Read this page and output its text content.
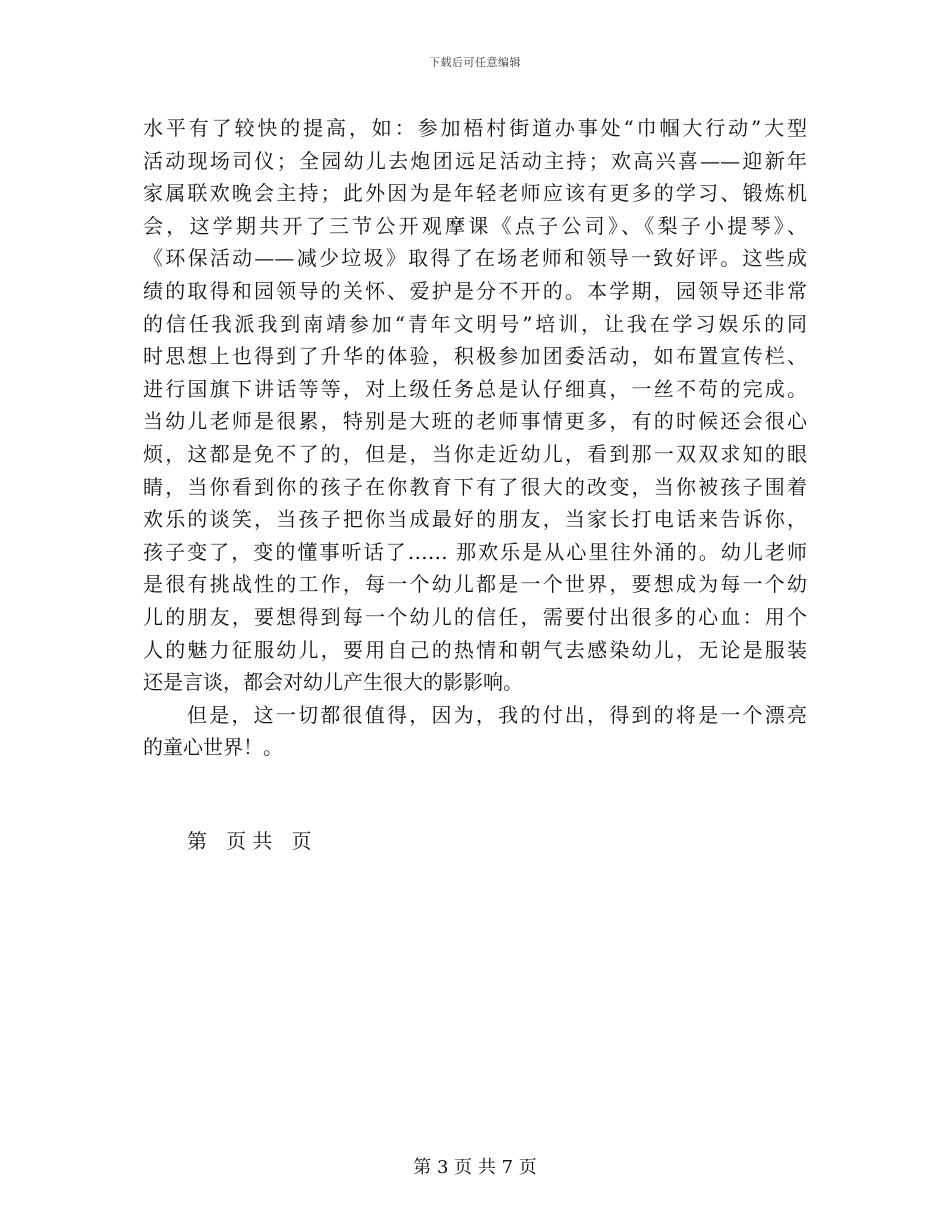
下载后可任意编辑
水平有了较快的提高，如：参加梧村街道办事处“巾帼大行动”大型
活动现场司仪；全园幼儿去炮团远足活动主持；欢高兴喜——迎新年
家属联欢晚会主持；此外因为是年轻老师应该有更多的学习、锻炼机
会，这学期共开了三节公开观摩课《点子公司》、《梨子小提琴》、
《环保活动——减少垃圾》取得了在场老师和领导一致好评。这些成
绩的取得和园领导的关怀、爱护是分不开的。本学期，园领导还非常
的信任我派我到南靖参加“青年文明号”培训，让我在学习娱乐的同
时思想上也得到了升华的体验，积极参加团委活动，如布置宣传栏、
进行国旗下讲话等等，对上级任务总是认仔细真，一丝不苟的完成。
当幼儿老师是很累，特别是大班的老师事情更多，有的时候还会很心
烦，这都是免不了的，但是，当你走近幼儿，看到那一双双求知的眼
睛，当你看到你的孩子在你教育下有了很大的改变，当你被孩子围着
欢乐的谈笑，当孩子把你当成最好的朋友，当家长打电话来告诉你，
孩子变了，变的懂事听话了…… 那欢乐是从心里往外涌的。幼儿老师
是很有挑战性的工作，每一个幼儿都是一个世界，要想成为每一个幼
儿的朋友，要想得到每一个幼儿的信任，需要付出很多的心血：用个
人的魅力征服幼儿，要用自己的热情和朝气去感染幼儿，无论是服装
还是言谈，都会对幼儿产生很大的影影响。
但是，这一切都很值得，因为，我的付出，得到的将是一个漂亮
的童心世界！。
第   页 共   页
第 3 页 共 7 页
